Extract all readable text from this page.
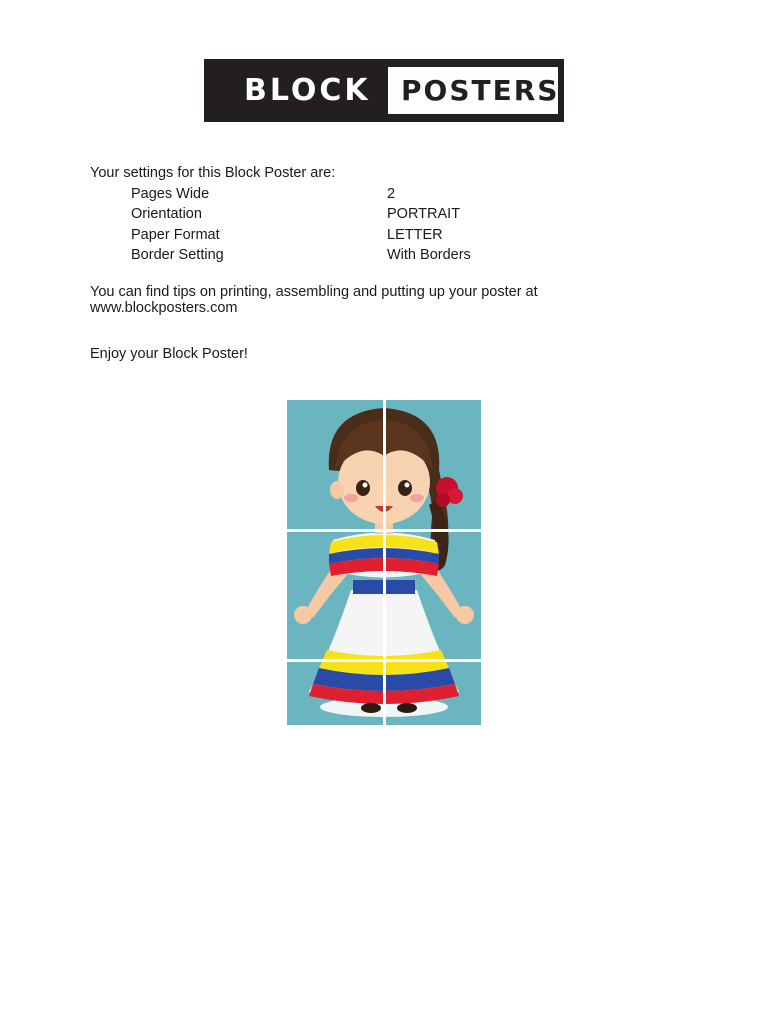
BLOCK POSTERS
Your settings for this Block Poster are:
Pages Wide	2
Orientation	PORTRAIT
Paper Format	LETTER
Border Setting	With Borders
You can find tips on printing, assembling and putting up your poster at
www.blockposters.com
Enjoy your Block Poster!
